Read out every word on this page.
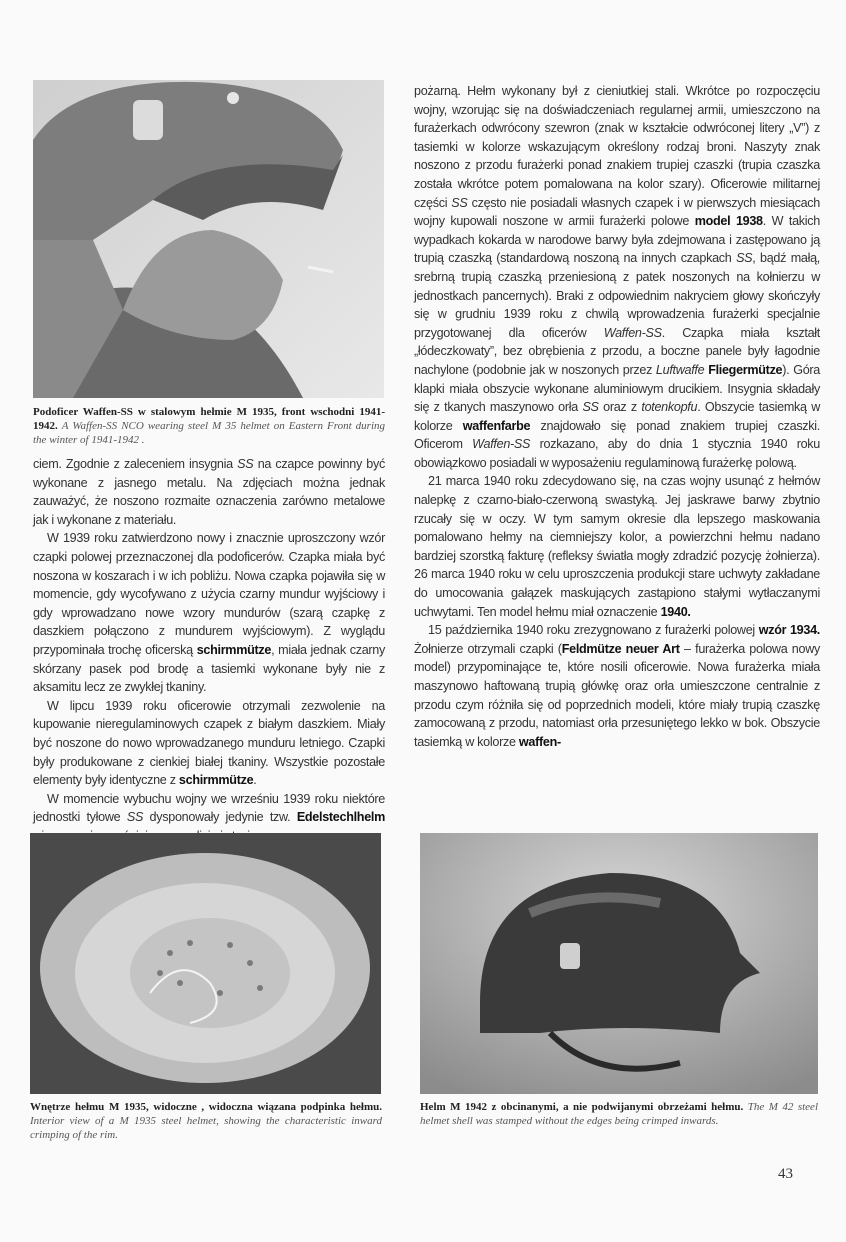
Podoficer Waffen-SS w stalowym hełmie M 1935, front wschodni 1941-1942. A Waffen-SS NCO wearing steel M 35 helmet on Eastern Front during the winter of 1941-1942 .

ciem. Zgodnie z zaleceniem insygnia SS na czapce powinny być wykonane z jasnego metalu. Na zdjęciach można jednak zauważyć, że noszono rozmaite oznaczenia zarówno metalowe jak i wykonane z materiału.

W 1939 roku zatwierdzono nowy i znacznie uproszczony wzór czapki polowej przeznaczonej dla podoficerów. Czapka miała być noszona w koszarach i w ich pobliżu. Nowa czapka pojawiła się w momencie, gdy wycofywano z użycia czarny mundur wyjściowy i gdy wprowadzano nowe wzory mundurów (szarą czapkę z daszkiem połączono z mundurem wyjściowym). Z wyglądu przypominała trochę oficerską schirmmütze, miała jednak czarny skórzany pasek pod brodę a tasiemki wykonane były nie z aksamitu lecz ze zwykłej tkaniny.

W lipcu 1939 roku oficerowie otrzymali zezwolenie na kupowanie nieregulaminowych czapek z białym daszkiem. Miały być noszone do nowo wprowadzanego munduru letniego. Czapki były produkowane z cienkiej białej tkaniny. Wszystkie pozostałe elementy były identyczne z schirmmütze.

W momencie wybuchu wojny we wrześniu 1939 roku niektóre jednostki tyłowe SS dysponowały jedynie tzw. Edelstechlhelm

pożarną. Hełm wykonany był z cieniutkiej stali. Wkrótce po rozpoczęciu wojny, wzorując się na doświadczeniach regularnej armii, umieszczono na furażerkach odwrócony szewron (znak w kształcie odwróconej litery „V”) z tasiemki w kolorze wskazującym określony rodzaj broni. Naszyty znak noszono z przodu furażerki ponad znakiem trupiej czaszki (trupia czaszka została wkrótce potem pomalowana na kolor szary). Oficerowie militarnej części SS często nie posiadali własnych czapek i w pierwszych miesiącach wojny kupowali noszone w armii furażerki polowe model 1938. W takich wypadkach kokarda w narodowe barwy była zdejmowana i zastępowano ją trupią czaszką (standardową noszoną na innych czapkach SS, bądź małą, srebrną trupią czaszką przeniesioną z patek noszonych na kołnierzu w jednostkach pancernych). Braki z odpowiednim nakryciem głowy skończyły się w grudniu 1939 roku z chwilą wprowadzenia furażerki specjalnie przygotowanej dla oficerów Waffen-SS. Czapka miała kształt „łódeczkowaty”, bez obrębienia z przodu, a boczne panele były łagodnie nachylone (podobnie jak w noszonych przez Luftwaffe Fliegermütze). Góra klapki miała obszycie wykonane aluminiowym drucikiem. Insygnia składały się z tkanych maszynowo orła SS oraz z totenkopfu. Obszycie tasiemką w kolorze waffenfarbe znajdowało się ponad znakiem trupiej czaszki. Oficerom Waffen-SS rozkazano, aby do dnia 1 stycznia 1940 roku obowiązkowo posiadali w wyposażeniu regulaminową furażerkę polową.

21 marca 1940 roku zdecydowano się, na czas wojny usunąć z hełmów nalepkę z czarno-biało-czerwoną swastyką. Jej jaskrawe barwy zbytnio rzucały się w oczy. W tym samym okresie dla lepszego maskowania pomalowano hełmy na ciemniejszy kolor, a powierzchni hełmu nadano bardziej szorstką fakturę (refleksy światła mogły zdradzić pozycję żołnierza). 26 marca 1940 roku w celu uproszczenia produkcji stare uchwyty zakładane do umocowania gałązek maskujących zastąpiono stałymi wytłaczanymi uchwytami. Ten model hełmu miał oznaczenie 1940.

15 października 1940 roku zrezygnowano z furażerki polowej wzór 1934. Żołnierze otrzymali czapki (Feldmütze neuer Art – furażerka polowa nowy model) przypominające te, które nosili oficerowie. Nowa furażerka miała maszynowo haftowaną trupią główkę oraz orła umieszczone centralnie z przodu czym różniła się od poprzednich modeli, które miały trupią czaszkę zamocowaną z przodu, natomiast orła przesuniętego lekko w bok. Obszycie tasiemką w kolorze waffen-

Wnętrze hełmu M 1935, widoczne , widoczna wiązana podpinka hełmu. Interior view of a M 1935 steel helmet, showing the characteristic inward crimping of the rim.
Helm M 1942 z obcinanymi, a nie podwijanymi obrzeżami hełmu. The M 42 steel helmet shell was stamped without the edges being crimped inwards.
43
